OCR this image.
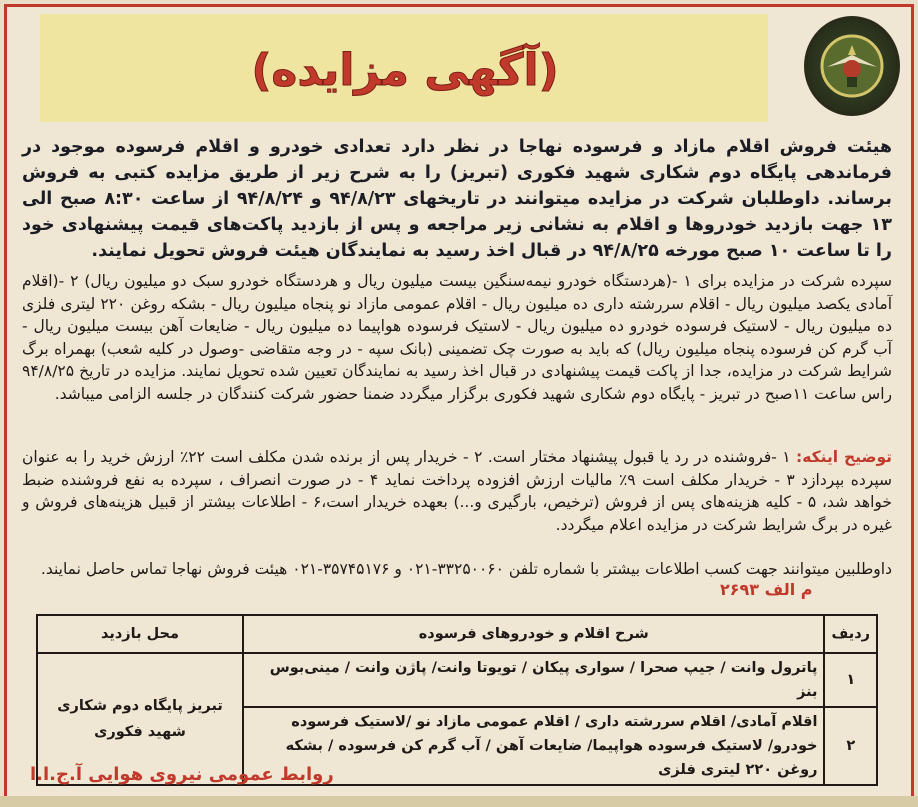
(آگهی مزایده)
هیئت فروش اقلام مازاد و فرسوده نهاجا در نظر دارد تعدادی خودرو و اقلام فرسوده موجود در فرماندهی پایگاه دوم شکاری شهید فکوری (تبریز) را به شرح زیر از طریق مزایده کتبی به فروش برساند. داوطلبان شرکت در مزایده میتوانند در تاریخهای ۹۴/۸/۲۳ و ۹۴/۸/۲۴ از ساعت ۸:۳۰ صبح الی ۱۳ جهت بازدید خودروها و اقلام به نشانی زیر مراجعه و پس از بازدید پاکت‌های قیمت پیشنهادی خود را تا ساعت ۱۰ صبح مورخه ۹۴/۸/۲۵ در قبال اخذ رسید به نمایندگان هیئت فروش تحویل نمایند.
سپرده شرکت در مزایده برای ۱ -(هردستگاه خودرو نیمه‌سنگین بیست میلیون ریال و هردستگاه خودرو سبک دو میلیون ریال) ۲ -(اقلام آمادی یکصد میلیون ریال - اقلام سررشته داری ده میلیون ریال - اقلام عمومی مازاد نو پنجاه میلیون ریال - بشکه روغن ۲۲۰ لیتری فلزی ده میلیون ریال - لاستیک فرسوده خودرو ده میلیون ریال - لاستیک فرسوده هواپیما ده میلیون ریال - ضایعات آهن بیست میلیون ریال - آب گرم کن فرسوده پنجاه میلیون ریال) که باید به صورت چک تضمینی (بانک سپه - در وجه متقاضی -وصول در کلیه شعب) بهمراه برگ شرایط شرکت در مزایده، جدا از پاکت قیمت پیشنهادی در قبال اخذ رسید به نمایندگان تعیین شده تحویل نمایند. مزایده در تاریخ ۹۴/۸/۲۵ راس ساعت ۱۱صبح در تبریز - پایگاه دوم شکاری شهید فکوری برگزار میگردد ضمنا حضور شرکت کنندگان در جلسه الزامی میباشد.
توضیح اینکه: ۱ -فروشنده در رد یا قبول پیشنهاد مختار است. ۲ - خریدار پس از برنده شدن مکلف است ۲۲٪ ارزش خرید را به عنوان سپرده بپردازد ۳ - خریدار مکلف است ۹٪ مالیات ارزش افزوده پرداخت نماید ۴ - در صورت انصراف ، سپرده به نفع فروشنده ضبط خواهد شد، ۵ - کلیه هزینه‌های پس از فروش (ترخیص، بارگیری و...) بعهده خریدار است،۶ - اطلاعات بیشتر از قبیل هزینه‌های فروش و غیره در برگ شرایط شرکت در مزایده اعلام میگردد.
داوطلبین میتوانند جهت کسب اطلاعات بیشتر با شماره تلفن ۳۳۲۵۰۰۶۰-۰۲۱ و ۳۵۷۴۵۱۷۶-۰۲۱ هیئت فروش نهاجا تماس حاصل نمایند.
م الف ۲۶۹۳
ردیف	شرح اقلام و خودروهای فرسوده	محل بازدید
۱	پاترول وانت / جیپ صحرا / سواری پیکان / تویوتا وانت/ پاژن وانت / مینی‌بوس بنز	تبریز پایگاه دوم شکاری شهید فکوری
۲	اقلام آمادی/ اقلام سررشته داری / اقلام عمومی مازاد نو /لاستیک فرسوده خودرو/ لاستیک فرسوده هواپیما/ ضایعات آهن / آب گرم کن فرسوده / بشکه روغن ۲۲۰ لیتری فلزی	
روابط عمومی نیروی هوایی آ.ج.ا.ا
